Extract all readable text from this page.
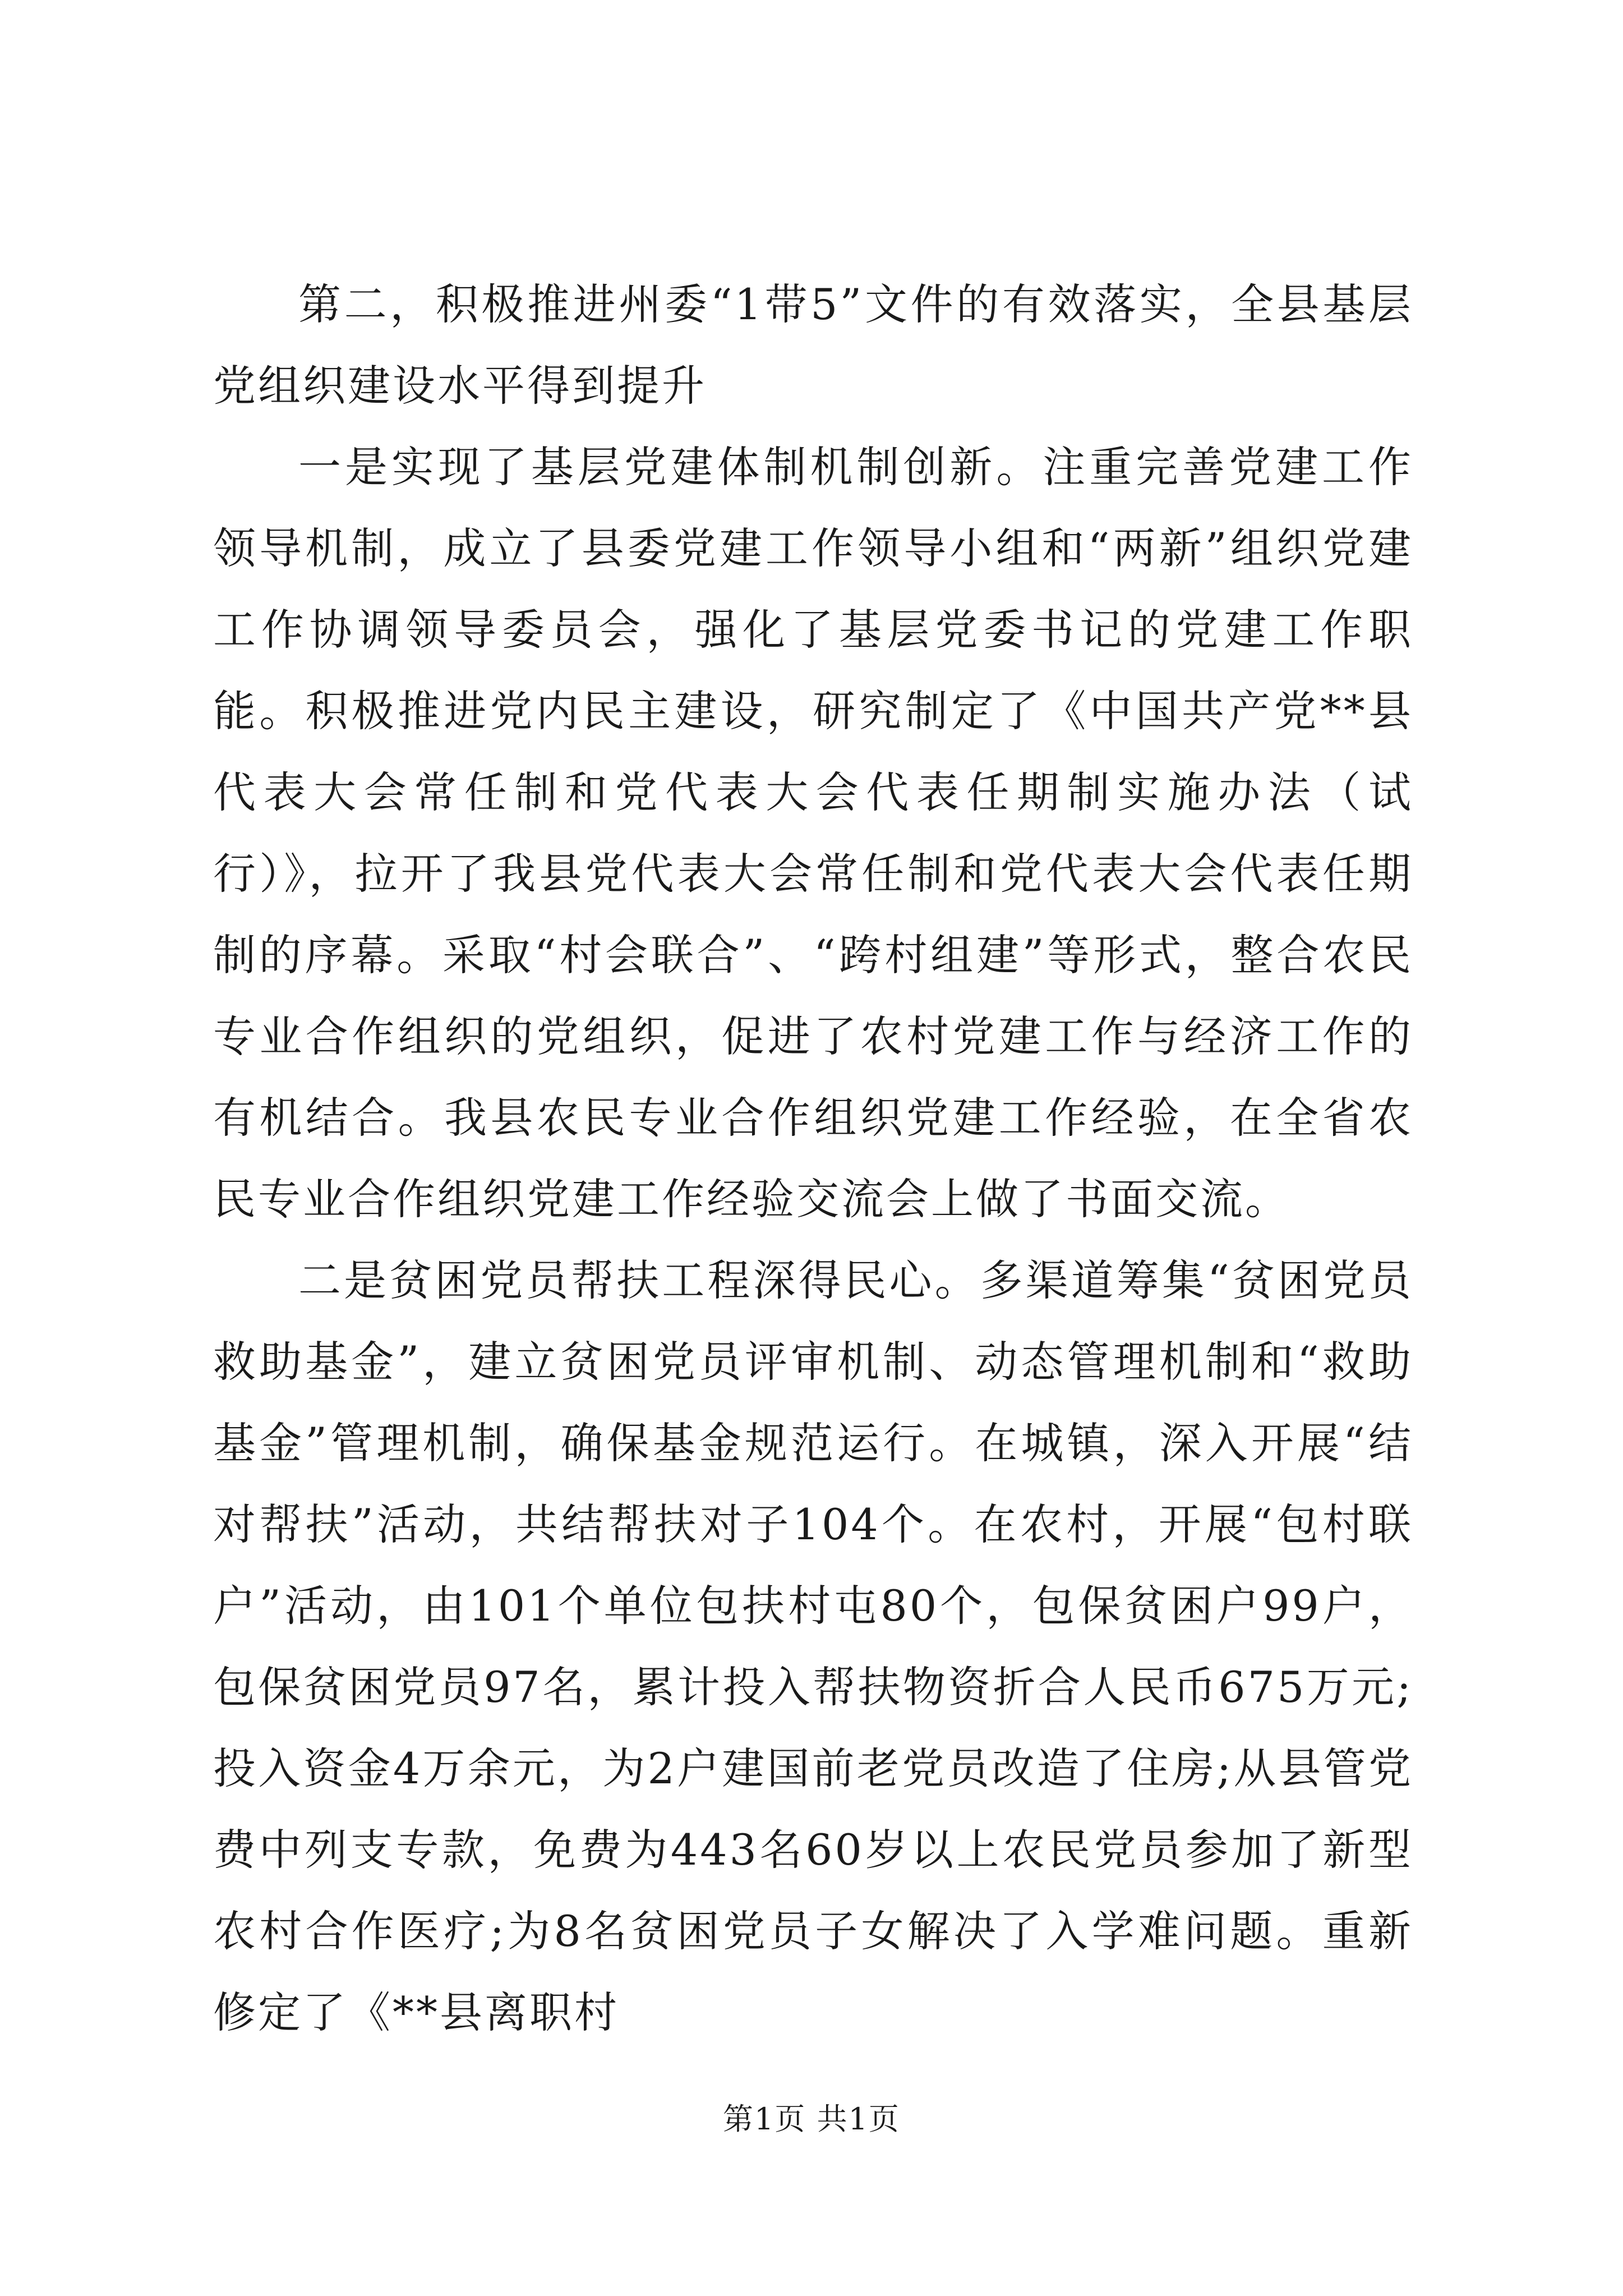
第二，积极推进州委“1带5”文件的有效落实，全县基层党组织建设水平得到提升

一是实现了基层党建体制机制创新。注重完善党建工作领导机制，成立了县委党建工作领导小组和“两新”组织党建工作协调领导委员会，强化了基层党委书记的党建工作职能。积极推进党内民主建设，研究制定了《中国共产党**县代表大会常任制和党代表大会代表任期制实施办法（试行）》，拉开了我县党代表大会常任制和党代表大会代表任期制的序幕。采取“村会联合”、“跨村组建”等形式，整合农民专业合作组织的党组织，促进了农村党建工作与经济工作的有机结合。我县农民专业合作组织党建工作经验，在全省农民专业合作组织党建工作经验交流会上做了书面交流。

二是贫困党员帮扶工程深得民心。多渠道筹集“贫困党员救助基金”，建立贫困党员评审机制、动态管理机制和“救助基金”管理机制，确保基金规范运行。在城镇，深入开展“结对帮扶”活动，共结帮扶对子104个。在农村，开展“包村联户”活动，由101个单位包扶村屯80个，包保贫困户99户，包保贫困党员97名，累计投入帮扶物资折合人民币675万元;投入资金4万余元，为2户建国前老党员改造了住房;从县管党费中列支专款，免费为443名60岁以上农民党员参加了新型农村合作医疗;为8名贫困党员子女解决了入学难问题。重新修定了《**县离职村

第1页 共1页
